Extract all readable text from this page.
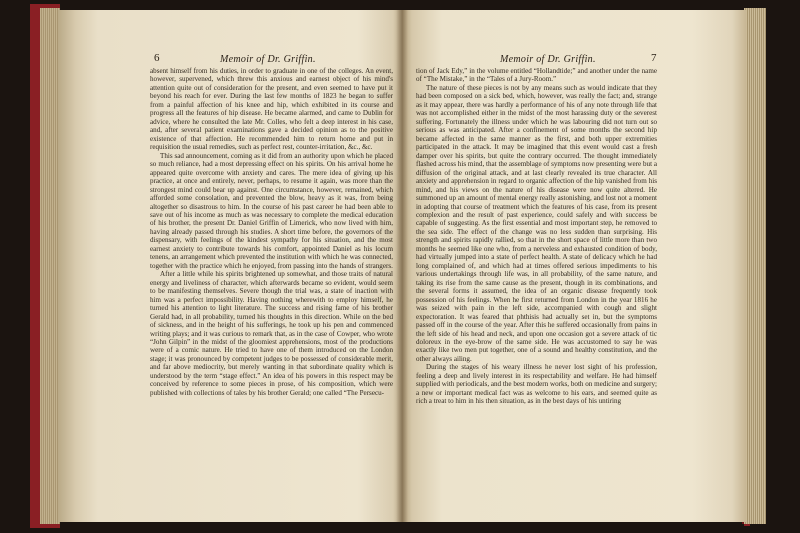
6	Memoir of Dr. Griffin.

absent himself from his duties, in order to graduate in one of the colleges. An event, however, supervened, which threw this anxious and earnest object of his mind's attention quite out of consideration for the present, and even seemed to have put it beyond his reach for ever. During the last few months of 1823 he began to suffer from a painful affection of his knee and hip, which exhibited in its course and progress all the features of hip disease. He became alarmed, and came to Dublin for advice, where he consulted the late Mr. Colles, who felt a deep interest in his case, and, after several patient examinations gave a decided opinion as to the positive existence of that affection. He recommended him to return home and put in requisition the usual remedies, such as perfect rest, counter-irritation, &c., &c.

This sad announcement, coming as it did from an authority upon which he placed so much reliance, had a most depressing effect on his spirits. On his arrival home he appeared quite overcome with anxiety and cares. The mere idea of giving up his practice, at once and entirely, never, perhaps, to resume it again, was more than the strongest mind could bear up against. One circumstance, however, remained, which afforded some consolation, and prevented the blow, heavy as it was, from being altogether so disastrous to him. In the course of his past career he had been able to save out of his income as much as was necessary to complete the medical education of his brother, the present Dr. Daniel Griffin of Limerick, who now lived with him, having already passed through his studies. A short time before, the governors of the dispensary, with feelings of the kindest sympathy for his situation, and the most earnest anxiety to contribute towards his comfort, appointed Daniel as his locum tenens, an arrangement which prevented the institution with which he was connected, together with the practice which he enjoyed, from passing into the hands of strangers.

After a little while his spirits brightened up somewhat, and those traits of natural energy and liveliness of character, which afterwards became so evident, would seem to be manifesting themselves. Severe though the trial was, a state of inaction with him was a perfect impossibility. Having nothing wherewith to employ himself, he turned his attention to light literature. The success and rising fame of his brother Gerald had, in all probability, turned his thoughts in this direction. While on the bed of sickness, and in the height of his sufferings, he took up his pen and commenced writing plays; and it was curious to remark that, as in the case of Cowper, who wrote “John Gilpin” in the midst of the gloomiest apprehensions, most of the productions were of a comic nature. He tried to have one of them introduced on the London stage; it was pronounced by competent judges to be possessed of considerable merit, and far above mediocrity, but merely wanting in that subordinate quality which is understood by the term “stage effect.” An idea of his powers in this respect may be conceived by reference to some pieces in prose, of his composition, which were published with collections of tales by his brother Gerald; one called “The Persecu-

Memoir of Dr. Griffin.	7

tion of Jack Edy,” in the volume entitled “Hollandtide;” and another under the name of “The Mistake,” in the “Tales of a Jury-Room.”

The nature of these pieces is not by any means such as would indicate that they had been composed on a sick bed, which, however, was really the fact; and, strange as it may appear, there was hardly a performance of his of any note through life that was not accomplished either in the midst of the most harassing duty or the severest suffering. Fortunately the illness under which he was labouring did not turn out so serious as was anticipated. After a confinement of some months the second hip became affected in the same manner as the first, and both upper extremities participated in the attack. It may be imagined that this event would cast a fresh damper over his spirits, but quite the contrary occurred. The thought immediately flashed across his mind, that the assemblage of symptoms now presenting were but a diffusion of the original attack, and at last clearly revealed its true character. All anxiety and apprehension in regard to organic affection of the hip vanished from his mind, and his views on the nature of his disease were now quite altered. He summoned up an amount of mental energy really astonishing, and lost not a moment in adopting that course of treatment which the features of his case, from its present complexion and the result of past experience, could safely and with success be capable of suggesting. As the first essential and most important step, he removed to the sea side. The effect of the change was no less sudden than surprising. His strength and spirits rapidly rallied, so that in the short space of little more than two months he seemed like one who, from a nerveless and exhausted condition of body, had virtually jumped into a state of perfect health. A state of delicacy which he had long complained of, and which had at times offered serious impediments to his various undertakings through life was, in all probability, of the same nature, and taking its rise from the same cause as the present, though in its combinations, and the several forms it assumed, the idea of an organic disease frequently took possession of his feelings. When he first returned from London in the year 1816 he was seized with pain in the left side, accompanied with cough and slight expectoration. It was feared that phthisis had actually set in, but the symptoms passed off in the course of the year. After this he suffered occasionally from pains in the left side of his head and neck, and upon one occasion got a severe attack of tic doloreux in the eye-brow of the same side. He was accustomed to say he was exactly like two men put together, one of a sound and healthy constitution, and the other always ailing.

During the stages of his weary illness he never lost sight of his profession, feeling a deep and lively interest in its respectability and welfare. He had himself supplied with periodicals, and the best modern works, both on medicine and surgery; a new or important medical fact was as welcome to his ears, and seemed quite as rich a treat to him in his then situation, as in the best days of his untiring
